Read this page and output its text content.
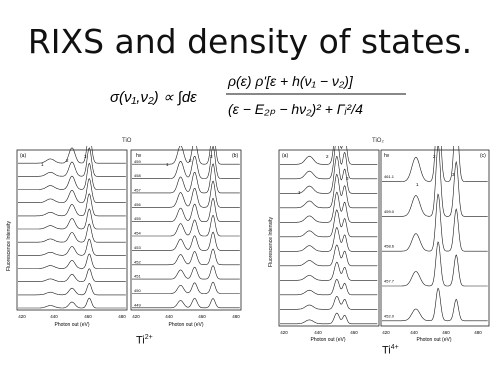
RIXS and density of states.
σ(ν₁,ν₂) ∝ ∫dε
ρ(ε) ρ'[ε + h(ν₁ − ν₂)]
(ε − E₂ₚ − hν₂)² + Γᵢ²/4
TiO
Fluorescence Intensity
(a)	(b)
hν
1
2
3
1
2
3
459
458
457
456
455
454
453
452
451
450
449
420	440	460	480 420	440	460	480
Photon out (eV)	Photon out (eV)
$Ti^{2+}$
TiO₂
Fluorescence Intensity
(a)	(c)
hν
1
2
3
1
2
3
461.1
459.0
458.6
457.7
452.0
420	440	460	420	440	460	480
Photon out (eV)	Photon out (eV)
$Ti^{4+}$
